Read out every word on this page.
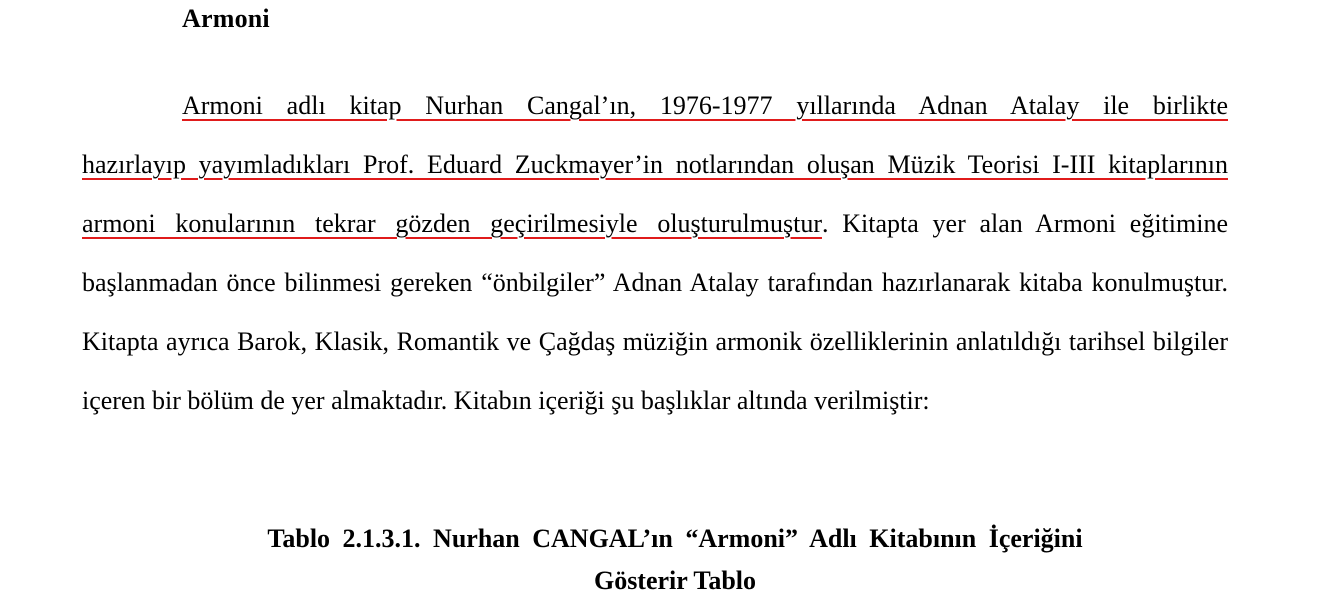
Armoni

Armoni adlı kitap Nurhan Cangal’ın, 1976-1977 yıllarında Adnan Atalay ile birlikte hazırlayıp yayımladıkları Prof. Eduard Zuckmayer’in notlarından oluşan Müzik Teorisi I-III kitaplarının armoni konularının tekrar gözden geçirilmesiyle oluşturulmuştur. Kitapta yer alan Armoni eğitimine başlanmadan önce bilinmesi gereken “önbilgiler” Adnan Atalay tarafından hazırlanarak kitaba konulmuştur. Kitapta ayrıca Barok, Klasik, Romantik ve Çağdaş müziğin armonik özelliklerinin anlatıldığı tarihsel bilgiler içeren bir bölüm de yer almaktadır. Kitabın içeriği şu başlıklar altında verilmiştir:

Tablo 2.1.3.1. Nurhan CANGAL’ın “Armoni” Adlı Kitabının İçeriğini
Gösterir Tablo
